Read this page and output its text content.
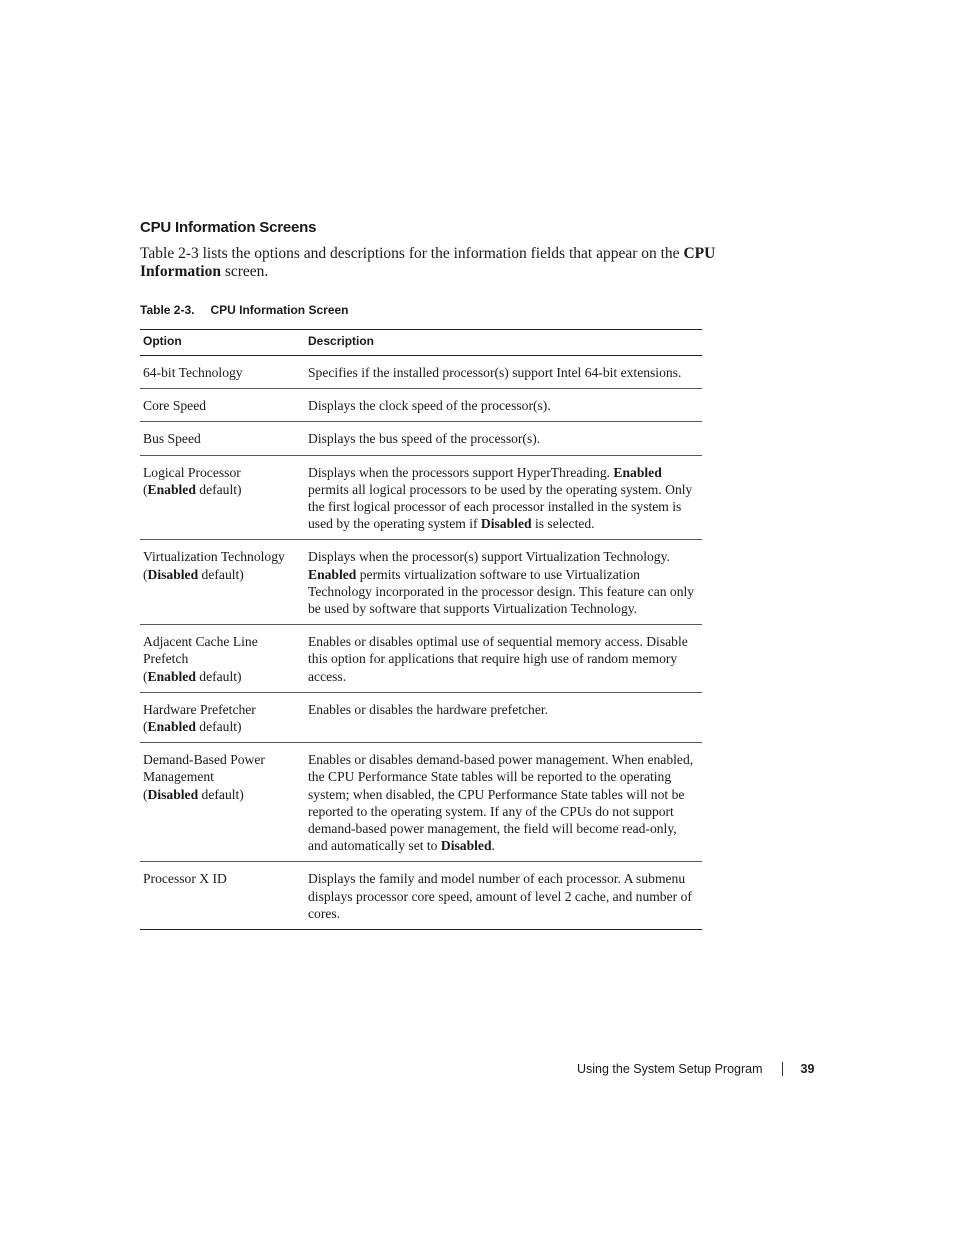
CPU Information Screens

Table 2-3 lists the options and descriptions for the information fields that appear on the CPU Information screen.

Table 2-3. CPU Information Screen
Option	Description
64-bit Technology	Specifies if the installed processor(s) support Intel 64-bit extensions.
Core Speed	Displays the clock speed of the processor(s).
Bus Speed	Displays the bus speed of the processor(s).
Logical Processor
(Enabled default)	Displays when the processors support HyperThreading. Enabled permits all logical processors to be used by the operating system. Only the first logical processor of each processor installed in the system is used by the operating system if Disabled is selected.
Virtualization Technology
(Disabled default)	Displays when the processor(s) support Virtualization Technology. Enabled permits virtualization software to use Virtualization Technology incorporated in the processor design. This feature can only be used by software that supports Virtualization Technology.
Adjacent Cache Line Prefetch
(Enabled default)	Enables or disables optimal use of sequential memory access. Disable this option for applications that require high use of random memory access.
Hardware Prefetcher
(Enabled default)	Enables or disables the hardware prefetcher.
Demand-Based Power Management
(Disabled default)	Enables or disables demand-based power management. When enabled, the CPU Performance State tables will be reported to the operating system; when disabled, the CPU Performance State tables will not be reported to the operating system. If any of the CPUs do not support demand-based power management, the field will become read-only, and automatically set to Disabled.
Processor X ID	Displays the family and model number of each processor. A submenu displays processor core speed, amount of level 2 cache, and number of cores.
Using the System Setup Program	39
